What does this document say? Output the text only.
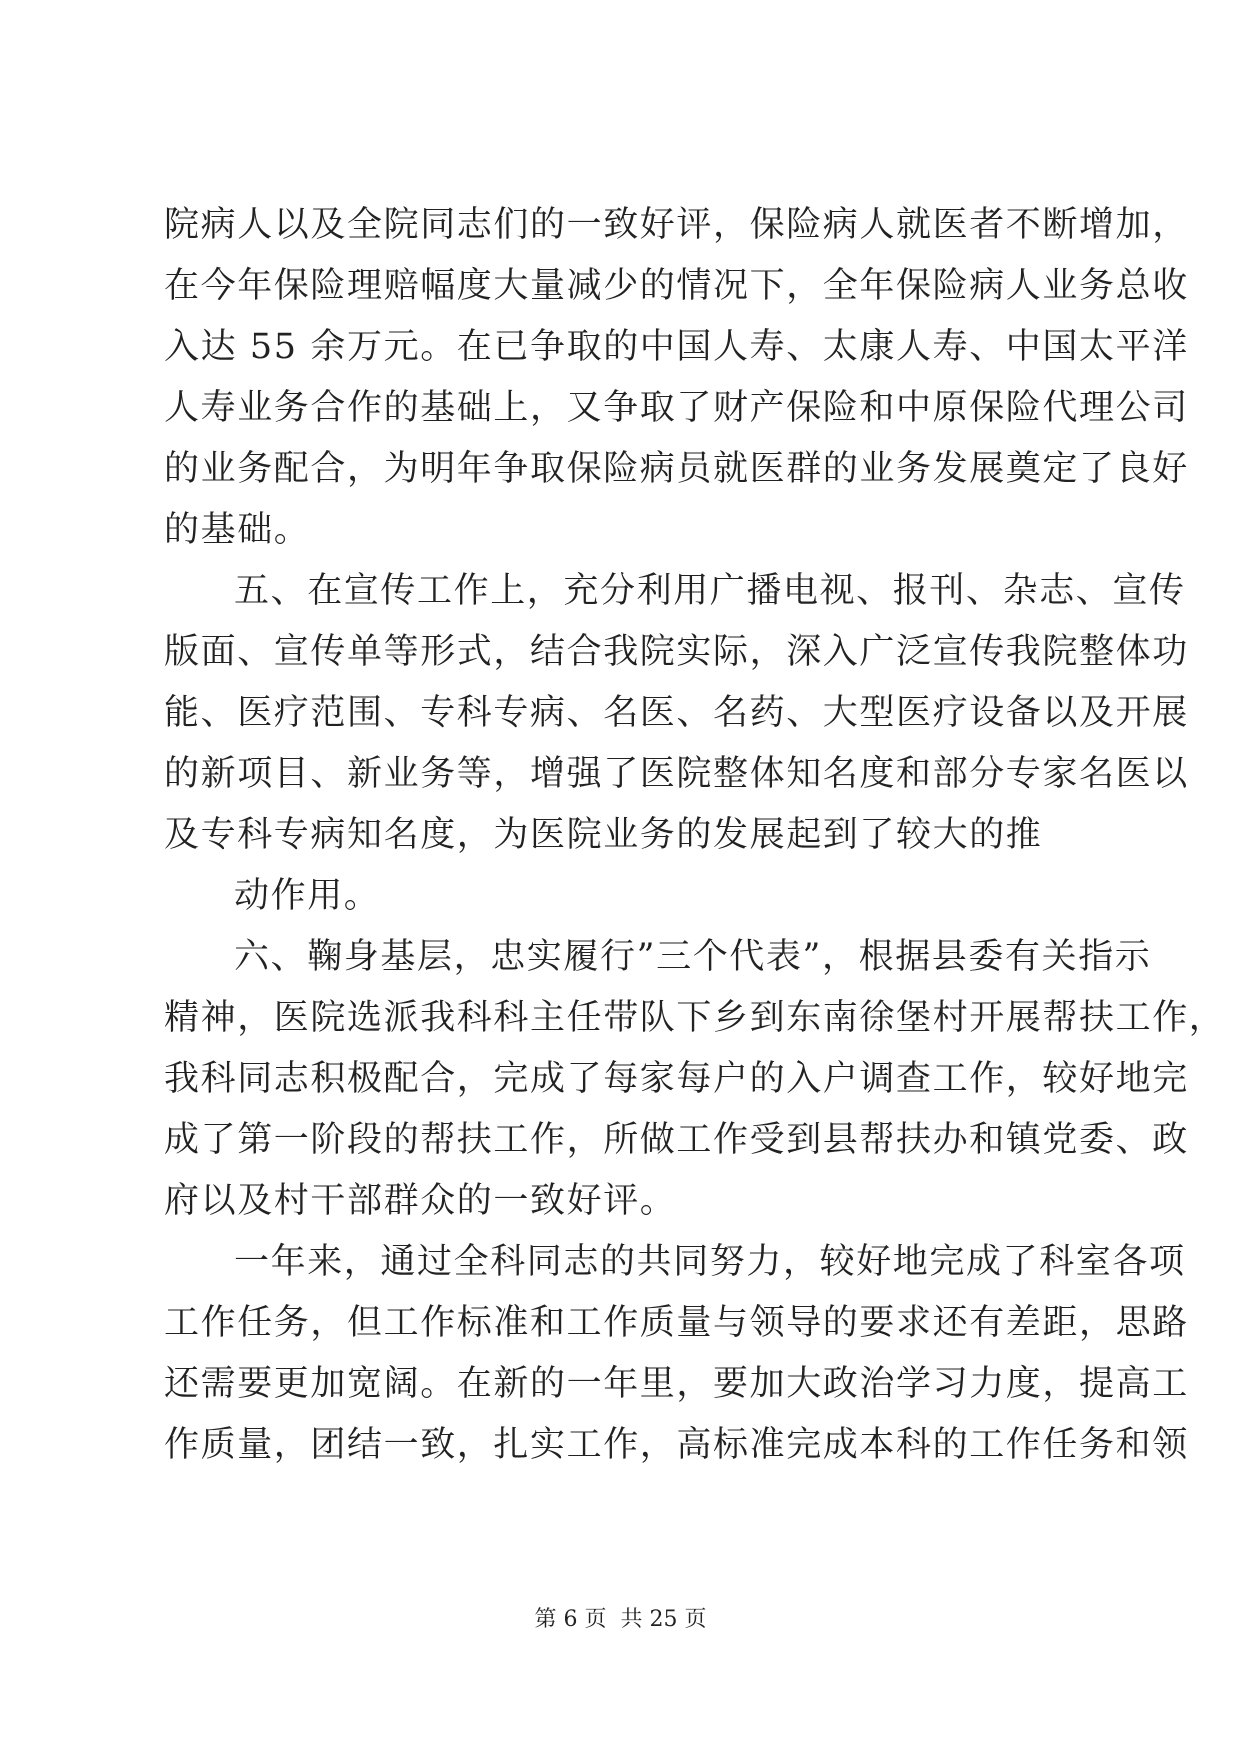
院病人以及全院同志们的一致好评，保险病人就医者不断增加，
在今年保险理赔幅度大量减少的情况下，全年保险病人业务总收
入达 55 余万元。在已争取的中国人寿、太康人寿、中国太平洋
人寿业务合作的基础上，又争取了财产保险和中原保险代理公司
的业务配合，为明年争取保险病员就医群的业务发展奠定了良好
的基础。
五、在宣传工作上，充分利用广播电视、报刊、杂志、宣传
版面、宣传单等形式，结合我院实际，深入广泛宣传我院整体功
能、医疗范围、专科专病、名医、名药、大型医疗设备以及开展
的新项目、新业务等，增强了医院整体知名度和部分专家名医以
及专科专病知名度，为医院业务的发展起到了较大的推
动作用。
六、鞠身基层，忠实履行”三个代表”，根据县委有关指示
精神，医院选派我科科主任带队下乡到东南徐堡村开展帮扶工作，
我科同志积极配合，完成了每家每户的入户调查工作，较好地完
成了第一阶段的帮扶工作，所做工作受到县帮扶办和镇党委、政
府以及村干部群众的一致好评。
一年来，通过全科同志的共同努力，较好地完成了科室各项
工作任务，但工作标准和工作质量与领导的要求还有差距，思路
还需要更加宽阔。在新的一年里，要加大政治学习力度，提高工
作质量，团结一致，扎实工作，高标准完成本科的工作任务和领
第 6 页 共 25 页
